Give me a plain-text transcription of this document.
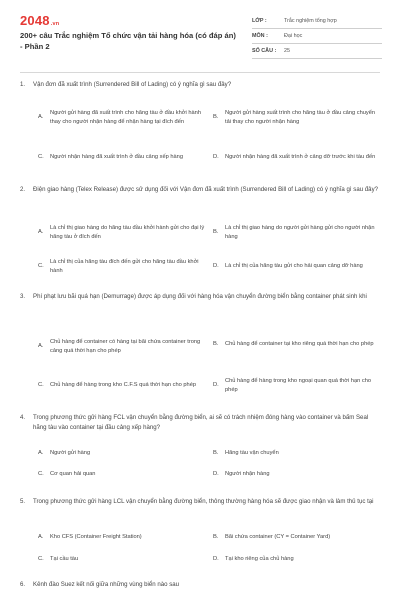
2048.vn
200+ câu Trắc nghiệm Tổ chức vận tải hàng hóa (có đáp án) - Phần 2
LỚP :	Trắc nghiệm tổng hợp
MÔN :	Đại học
SỐ CÂU :	25
1.	Vận đơn đã xuất trình (Surrendered Bill of Lading) có ý nghĩa gì sau đây?
A.
Người gửi hàng đã xuất trình cho hãng tàu ở đầu khởi hành thay cho người nhận hàng để nhận hàng tại đích đến
B.
Người gửi hàng xuất trình cho hãng tàu ở đầu cảng chuyển tải thay cho người nhận hàng
C.	Người nhận hàng đã xuất trình ở đầu cảng xếp hàng	D.	Người nhận hàng đã xuất trình ở cảng dỡ trước khi tàu đến
2.	Điện giao hàng (Telex Release) được sử dụng đối với Vận đơn đã xuất trình (Surrendered Bill of Lading) có ý nghĩa gì sau đây?
A.
Là chỉ thị giao hàng do hãng tàu đầu khởi hành gửi cho đại lý hãng tàu ở đích đến
B.
Là chỉ thị giao hàng do người gửi hàng gửi cho người nhận hàng
C.
Là chỉ thị của hãng tàu đích đến gửi cho hãng tàu đầu khởi hành
D.	Là chỉ thị của hãng tàu gửi cho hải quan cảng dỡ hàng
3.	Phí phạt lưu bãi quá hạn (Demurrage) được áp dụng đối với hàng hóa vận chuyển đường biển bằng container phát sinh khi
A.
Chủ hàng để container có hàng tại bãi chứa container trong cảng quá thời hạn cho phép
B.	Chủ hàng để container tại kho riêng quá thời hạn cho phép
C.	Chủ hàng để hàng trong kho C.F.S quá thời hạn cho phép	D.
Chủ hàng để hàng trong kho ngoại quan quá thời hạn cho phép
4.	Trong phương thức gửi hàng FCL vận chuyển bằng đường biển, ai sẽ có trách nhiệm đóng hàng vào container và bấm Seal hãng tàu vào container tại đầu cảng xếp hàng?
A.	Người gửi hàng	B.	Hãng tàu vận chuyển
C.	Cơ quan hải quan	D.	Người nhận hàng
5.	Trong phương thức gửi hàng LCL vận chuyển bằng đường biển, thông thường hàng hóa sẽ được giao nhận và làm thủ tục tại
A.	Kho CFS (Container Freight Station)	B.	Bãi chứa container (CY = Container Yard)
C.	Tại cầu tàu	D.	Tại kho riêng của chủ hàng
6.	Kênh đào Suez kết nối giữa những vùng biển nào sau
